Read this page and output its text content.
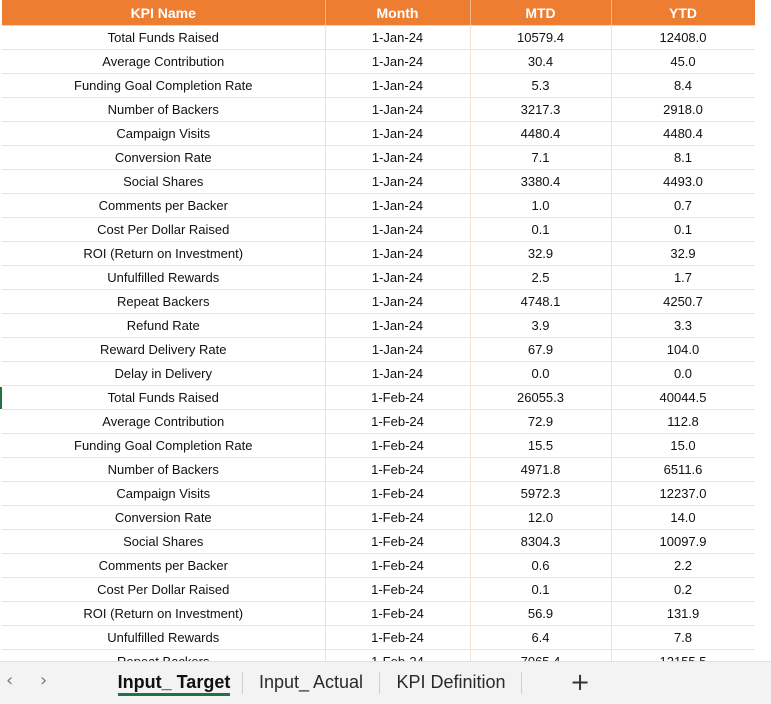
KPI Name	Month	MTD	YTD
Total Funds Raised	1-Jan-24	10579.4	12408.0
Average Contribution	1-Jan-24	30.4	45.0
Funding Goal Completion Rate	1-Jan-24	5.3	8.4
Number of Backers	1-Jan-24	3217.3	2918.0
Campaign Visits	1-Jan-24	4480.4	4480.4
Conversion Rate	1-Jan-24	7.1	8.1
Social Shares	1-Jan-24	3380.4	4493.0
Comments per Backer	1-Jan-24	1.0	0.7
Cost Per Dollar Raised	1-Jan-24	0.1	0.1
ROI (Return on Investment)	1-Jan-24	32.9	32.9
Unfulfilled Rewards	1-Jan-24	2.5	1.7
Repeat Backers	1-Jan-24	4748.1	4250.7
Refund Rate	1-Jan-24	3.9	3.3
Reward Delivery Rate	1-Jan-24	67.9	104.0
Delay in Delivery	1-Jan-24	0.0	0.0
Total Funds Raised	1-Feb-24	26055.3	40044.5
Average Contribution	1-Feb-24	72.9	112.8
Funding Goal Completion Rate	1-Feb-24	15.5	15.0
Number of Backers	1-Feb-24	4971.8	6511.6
Campaign Visits	1-Feb-24	5972.3	12237.0
Conversion Rate	1-Feb-24	12.0	14.0
Social Shares	1-Feb-24	8304.3	10097.9
Comments per Backer	1-Feb-24	0.6	2.2
Cost Per Dollar Raised	1-Feb-24	0.1	0.2
ROI (Return on Investment)	1-Feb-24	56.9	131.9
Unfulfilled Rewards	1-Feb-24	6.4	7.8

‹ ›	Input_ Target	Input_ Actual	KPI Definition	+
